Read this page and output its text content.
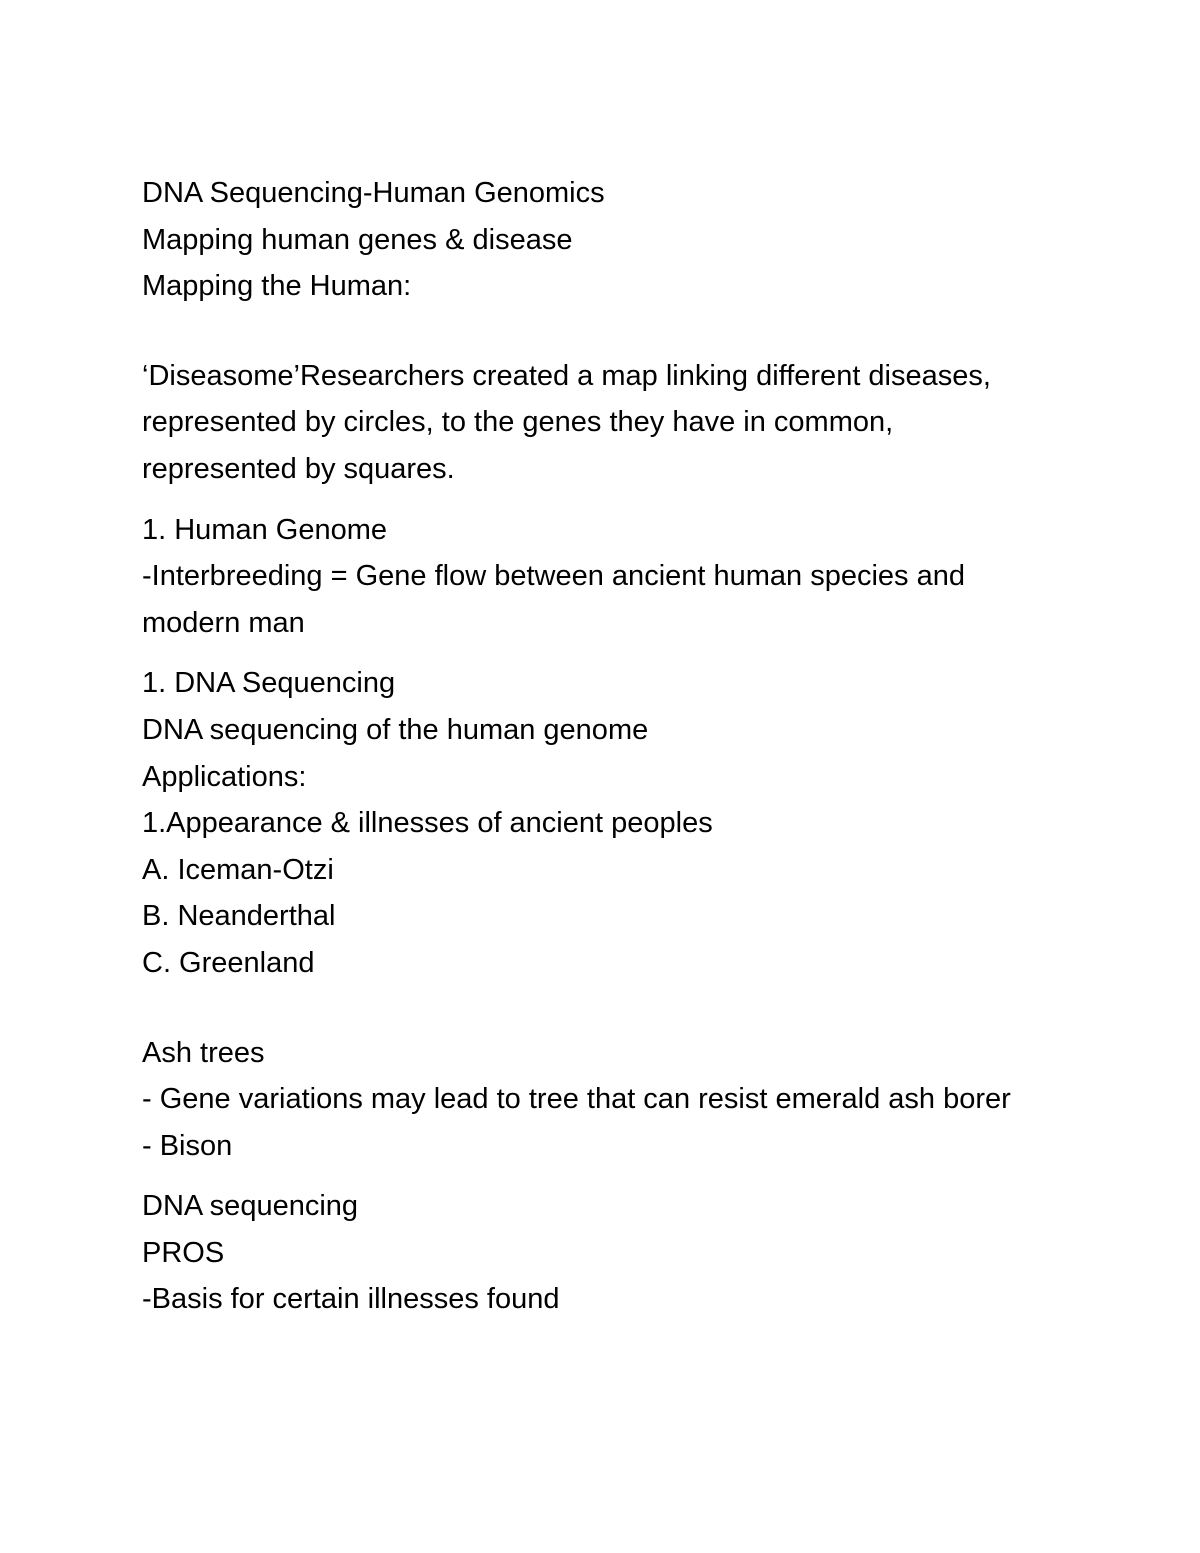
DNA Sequencing-Human Genomics
Mapping human genes & disease
Mapping the Human:
‘Diseasome’Researchers created a map linking different diseases, represented by circles, to the genes they have in common, represented by squares.
1. Human Genome
-Interbreeding = Gene flow between ancient human species and modern man
1. DNA Sequencing
DNA sequencing of the human genome
Applications:
1.Appearance & illnesses of ancient peoples
A. Iceman-Otzi
B. Neanderthal
C. Greenland
Ash trees
- Gene variations may lead to tree that can resist emerald ash borer
- Bison
DNA sequencing
PROS
-Basis for certain illnesses found
